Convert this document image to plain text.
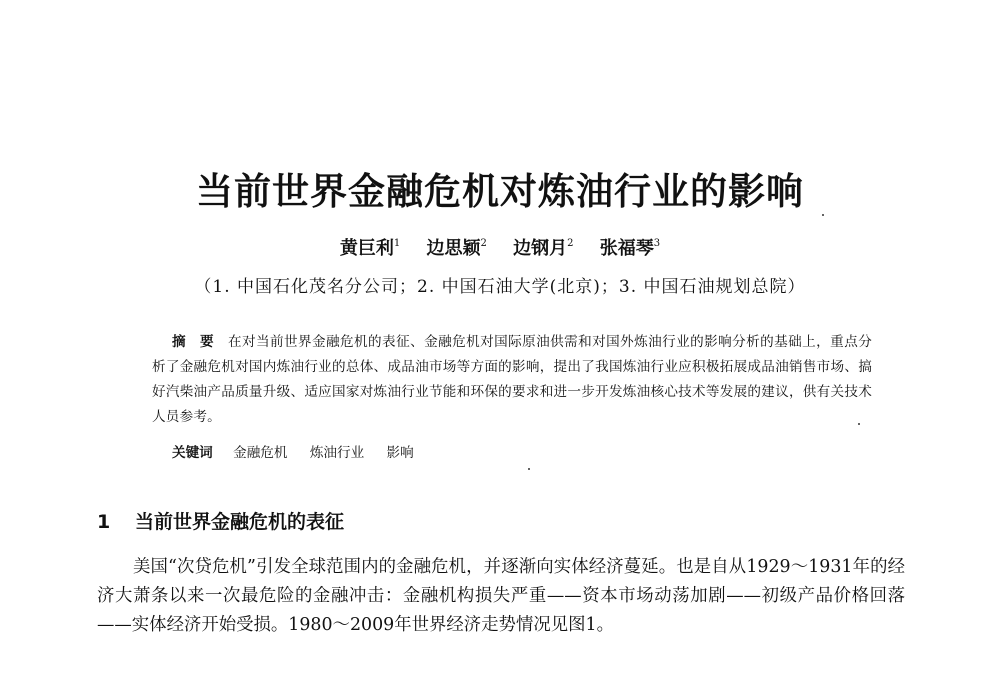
当前世界金融危机对炼油行业的影响
黄巨利$^1$ 边思颖$^2$ 边钢月$^2$ 张福琴$^3$
（1. 中国石化茂名分公司；2. 中国石油大学(北京)；3. 中国石油规划总院）
摘　要 在对当前世界金融危机的表征、金融危机对国际原油供需和对国外炼油行业的影响分析的基础上，重点分析了金融危机对国内炼油行业的总体、成品油市场等方面的影响，提出了我国炼油行业应积极拓展成品油销售市场、搞好汽柴油产品质量升级、适应国家对炼油行业节能和环保的要求和进一步开发炼油核心技术等发展的建议，供有关技术人员参考。
关键词 金融危机 炼油行业 影响
1 当前世界金融危机的表征

美国“次贷危机”引发全球范围内的金融危机，并逐渐向实体经济蔓延。也是自从1929～1931年的经济大萧条以来一次最危险的金融冲击：金融机构损失严重——资本市场动荡加剧——初级产品价格回落——实体经济开始受损。1980～2009年世界经济走势情况见图1。
